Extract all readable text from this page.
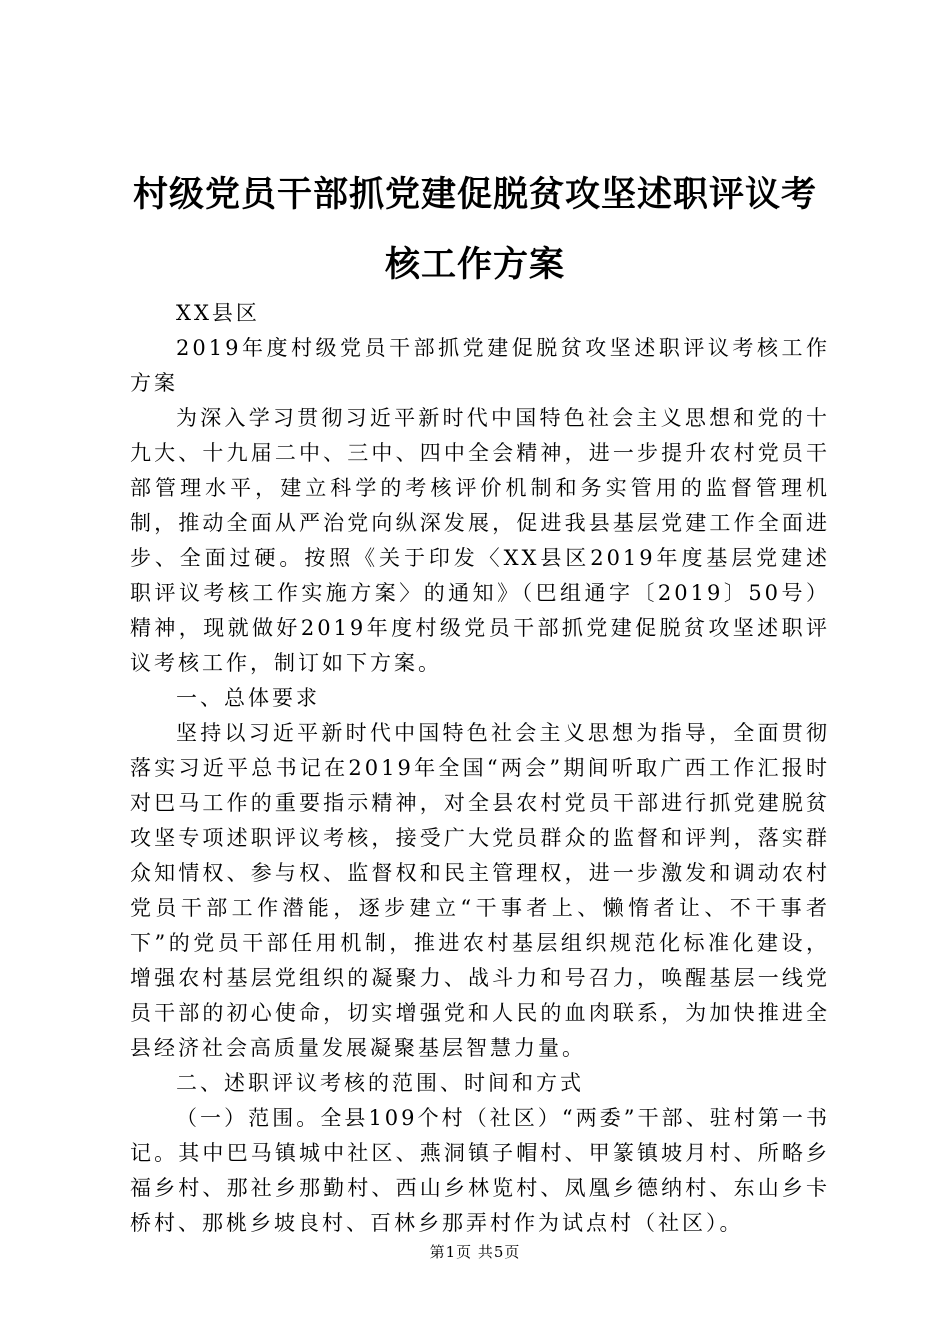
村级党员干部抓党建促脱贫攻坚述职评议考核工作方案

XX县区

2019年度村级党员干部抓党建促脱贫攻坚述职评议考核工作方案

为深入学习贯彻习近平新时代中国特色社会主义思想和党的十九大、十九届二中、三中、四中全会精神，进一步提升农村党员干部管理水平，建立科学的考核评价机制和务实管用的监督管理机制，推动全面从严治党向纵深发展，促进我县基层党建工作全面进步、全面过硬。按照《关于印发〈XX县区2019年度基层党建述职评议考核工作实施方案〉的通知》（巴组通字〔2019〕50号）精神，现就做好2019年度村级党员干部抓党建促脱贫攻坚述职评议考核工作，制订如下方案。

一、总体要求

坚持以习近平新时代中国特色社会主义思想为指导，全面贯彻落实习近平总书记在2019年全国“两会”期间听取广西工作汇报时对巴马工作的重要指示精神，对全县农村党员干部进行抓党建脱贫攻坚专项述职评议考核，接受广大党员群众的监督和评判，落实群众知情权、参与权、监督权和民主管理权，进一步激发和调动农村党员干部工作潜能，逐步建立“干事者上、懒惰者让、不干事者下”的党员干部任用机制，推进农村基层组织规范化标准化建设，增强农村基层党组织的凝聚力、战斗力和号召力，唤醒基层一线党员干部的初心使命，切实增强党和人民的血肉联系，为加快推进全县经济社会高质量发展凝聚基层智慧力量。

二、述职评议考核的范围、时间和方式

（一）范围。全县109个村（社区）“两委”干部、驻村第一书记。其中巴马镇城中社区、燕洞镇子帽村、甲篆镇坡月村、所略乡福乡村、那社乡那勤村、西山乡林览村、凤凰乡德纳村、东山乡卡桥村、那桃乡坡良村、百林乡那弄村作为试点村（社区）。

第1页 共5页
